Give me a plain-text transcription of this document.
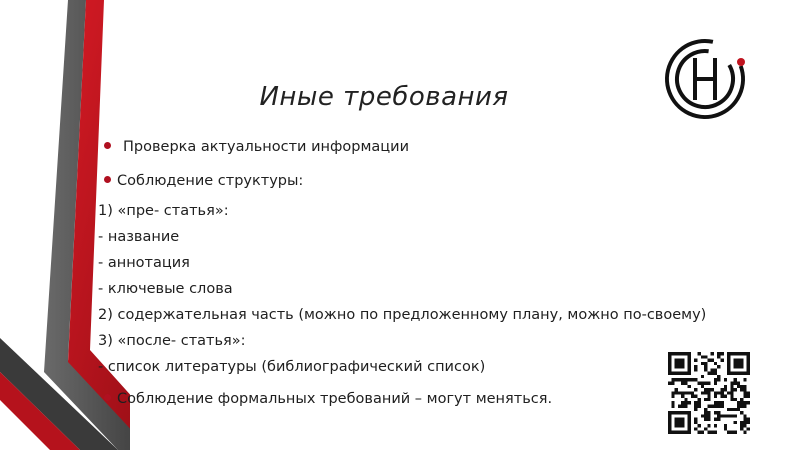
Иные требования
Проверка актуальности информации
Соблюдение структуры:
1) «пре- статья»:
- название
- аннотация
- ключевые слова
2) содержательная часть (можно по предложенному плану, можно по-своему)
3) «после- статья»:
- список литературы (библиографический список)
Соблюдение формальных требований – могут меняться.
